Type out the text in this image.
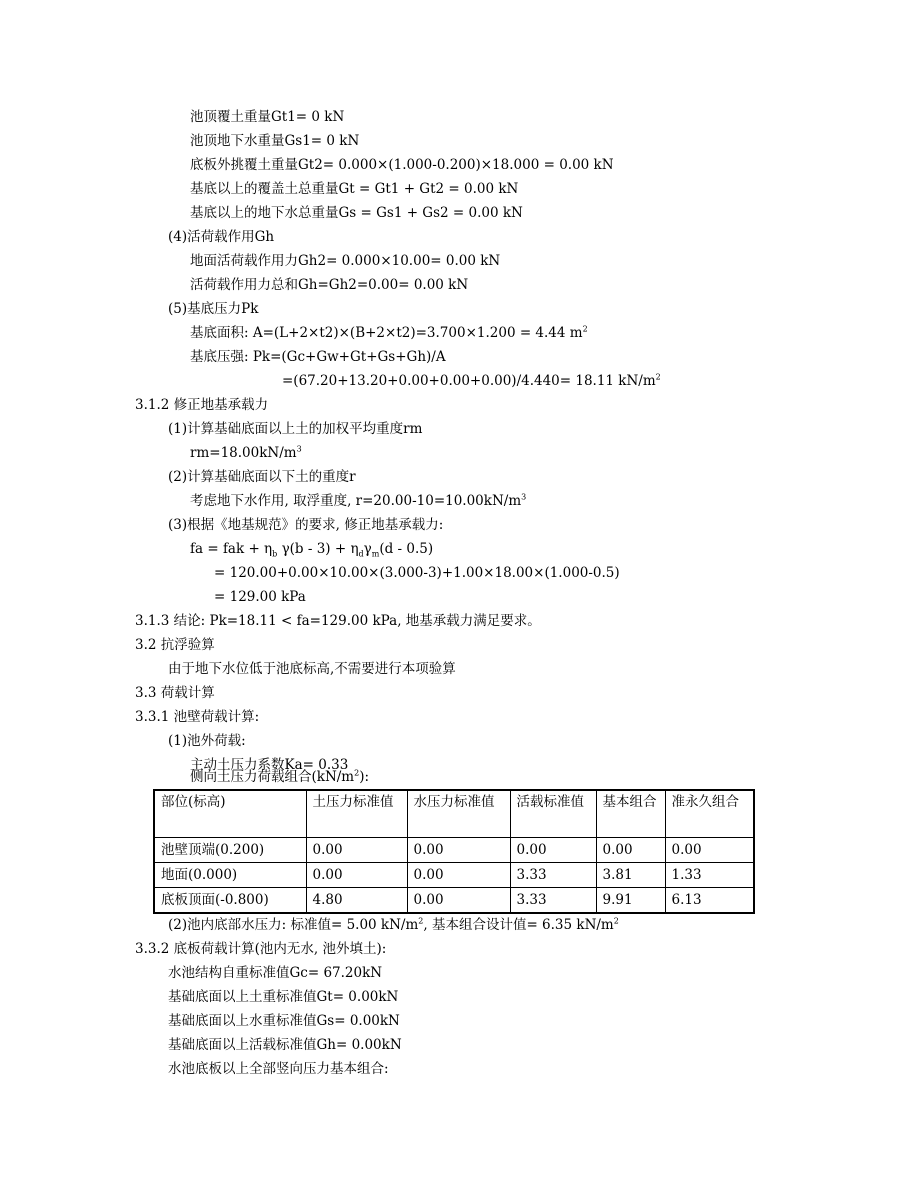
池顶覆土重量Gt1= 0 kN
池顶地下水重量Gs1= 0 kN
底板外挑覆土重量Gt2= 0.000×(1.000-0.200)×18.000 = 0.00 kN
基底以上的覆盖土总重量Gt = Gt1 + Gt2 = 0.00 kN
基底以上的地下水总重量Gs = Gs1 + Gs2 = 0.00 kN
(4)活荷载作用Gh
地面活荷载作用力Gh2= 0.000×10.00= 0.00 kN
活荷载作用力总和Gh=Gh2=0.00= 0.00 kN
(5)基底压力Pk
基底面积: A=(L+2×t2)×(B+2×t2)=3.700×1.200 = 4.44 $m^2$
基底压强: Pk=(Gc+Gw+Gt+Gs+Gh)/A
=(67.20+13.20+0.00+0.00+0.00)/4.440= 18.11 $kN/m^2$
3.1.2 修正地基承载力
(1)计算基础底面以上土的加权平均重度rm
$rm=18.00kN/m^3$
(2)计算基础底面以下土的重度r
考虑地下水作用, 取浮重度, $r=20.00-10=10.00kN/m^3$
(3)根据《地基规范》的要求, 修正地基承载力:
fa = fak + $\eta_b$ $\gamma(b - 3) + \eta_d\gamma_m(d - 0.5)$
= 120.00+0.00×10.00×(3.000-3)+1.00×18.00×(1.000-0.5)
= 129.00 kPa
3.1.3 结论: Pk=18.11 < fa=129.00 kPa, 地基承载力满足要求。
3.2 抗浮验算
由于地下水位低于池底标高,不需要进行本项验算
3.3 荷载计算
3.3.1 池壁荷载计算:
(1)池外荷载:
主动土压力系数Ka= 0.33
侧向土压力荷载组合$(kN/m^2)$:
部位(标高)	土压力标准值	水压力标准值	活载标准值	基本组合	准永久组合
池壁顶端(0.200)	0.00	0.00	0.00	0.00	0.00
地面(0.000)	0.00	0.00	3.33	3.81	1.33
底板顶面(-0.800)	4.80	0.00	3.33	9.91	6.13
(2)池内底部水压力: 标准值= 5.00 $kN/m^2$, 基本组合设计值= 6.35 $kN/m^2$
3.3.2 底板荷载计算(池内无水, 池外填土):
水池结构自重标准值Gc= 67.20kN
基础底面以上土重标准值Gt= 0.00kN
基础底面以上水重标准值Gs= 0.00kN
基础底面以上活载标准值Gh= 0.00kN
水池底板以上全部竖向压力基本组合:
